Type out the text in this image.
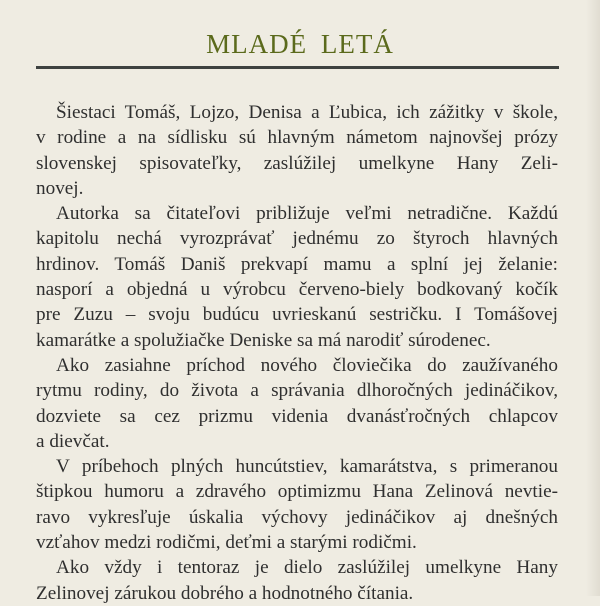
MLADÉ LETÁ
Šiestaci Tomáš, Lojzo, Denisa a Ľubica, ich zážitky v škole,
v rodine a na sídlisku sú hlavným námetom najnovšej prózy
slovenskej spisovateľky, zaslúžilej umelkyne Hany Zeli-
novej.
Autorka sa čitateľovi približuje veľmi netradične. Každú
kapitolu nechá vyrozprávať jednému zo štyroch hlavných
hrdinov. Tomáš Daniš prekvapí mamu a splní jej želanie:
nasporí a objedná u výrobcu červeno-biely bodkovaný kočík
pre Zuzu – svoju budúcu uvrieskanú sestričku. I Tomášovej
kamarátke a spolužiačke Deniske sa má narodiť súrodenec.
Ako zasiahne príchod nového človiečika do zaužívaného
rytmu rodiny, do života a správania dlhoročných jedináčikov,
dozviete sa cez prizmu videnia dvanásťročných chlapcov
a dievčat.
V príbehoch plných huncútstiev, kamarátstva, s primeranou
štipkou humoru a zdravého optimizmu Hana Zelinová nevtie-
ravo vykresľuje úskalia výchovy jedináčikov aj dnešných
vzťahov medzi rodičmi, deťmi a starými rodičmi.
Ako vždy i tentoraz je dielo zaslúžilej umelkyne Hany
Zelinovej zárukou dobrého a hodnotného čítania.
